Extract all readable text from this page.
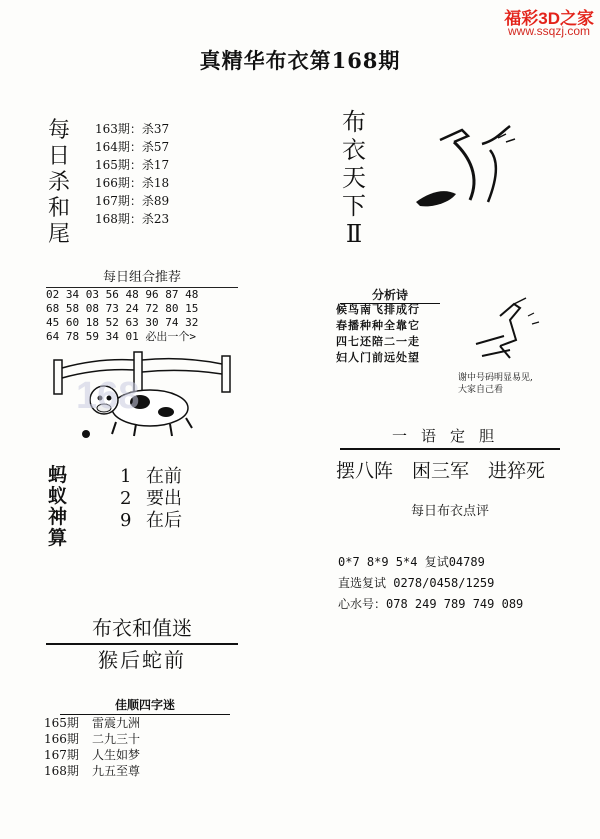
福彩3D之家
www.ssqzj.com
真精华布衣第168期
每
日
杀
和
尾
163期：杀37
164期：杀57
165期：杀17
166期：杀18
167期：杀89
168期：杀23
布
衣
天
下
Ⅱ
每日组合推荐
02 34 03 56 48 96 87 48
68 58 08 73 24 72 80 15
45 60 18 52 63 30 74 32
64 78 59 34 01 必出一个>
168
蚂
蚁
神
算
1 在前
2 要出
9 在后
布衣和值迷
猴后蛇前
佳顺四字迷
165期 雷震九洲
166期 二九三十
167期 人生如梦
168期 九五至尊
分析诗
候鸟南飞排成行
春播种种全靠它
四七还陪二一走
妇人门前远处望
谢中号码明显易见,
大家自己看
一语定胆
摆八阵　困三军　进猝死
每日布衣点评
0*7 8*9 5*4 复试04789
直选复试 0278/0458/1259
心水号：078 249 789 749 089
